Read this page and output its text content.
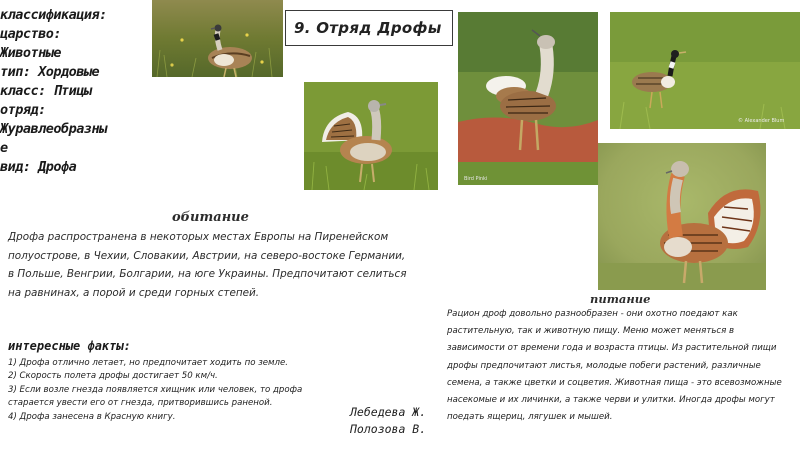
классификация:
царство:
Животные
тип: Хордовые
класс: Птицы
отряд:
Журавлеобразны
е
вид: Дрофа
9. Отряд Дрофы
Bird Pinki
© Alexander Blum
обитание
Дрофа распространена в некоторых местах Европы на Пиренейском полуострове, в Чехии, Словакии, Австрии, на северо-востоке Германии, в Польше, Венгрии, Болгарии, на юге Украины. Предпочитают селиться на равнинах, а порой и среди горных степей.
интересные факты:
1) Дрофа отлично летает, но предпочитает ходить по земле.
2) Скорость полета дрофы достигает 50 км/ч.
3) Если возле гнезда появляется хищник или человек, то дрофа старается увести его от гнезда, притворившись раненой.
4) Дрофа занесена в Красную книгу.	Лебедева Ж.
Полозова В.
питание
Рацион дроф довольно разнообразен - они охотно поедают как растительную, так и животную пищу. Меню может меняться в зависимости от времени года и возраста птицы. Из растительной пищи дрофы предпочитают листья, молодые побеги растений, различные семена, а также цветки и соцветия. Животная пища - это всевозможные насекомые и их личинки, а также черви и улитки. Иногда дрофы могут поедать ящериц, лягушек и мышей.
